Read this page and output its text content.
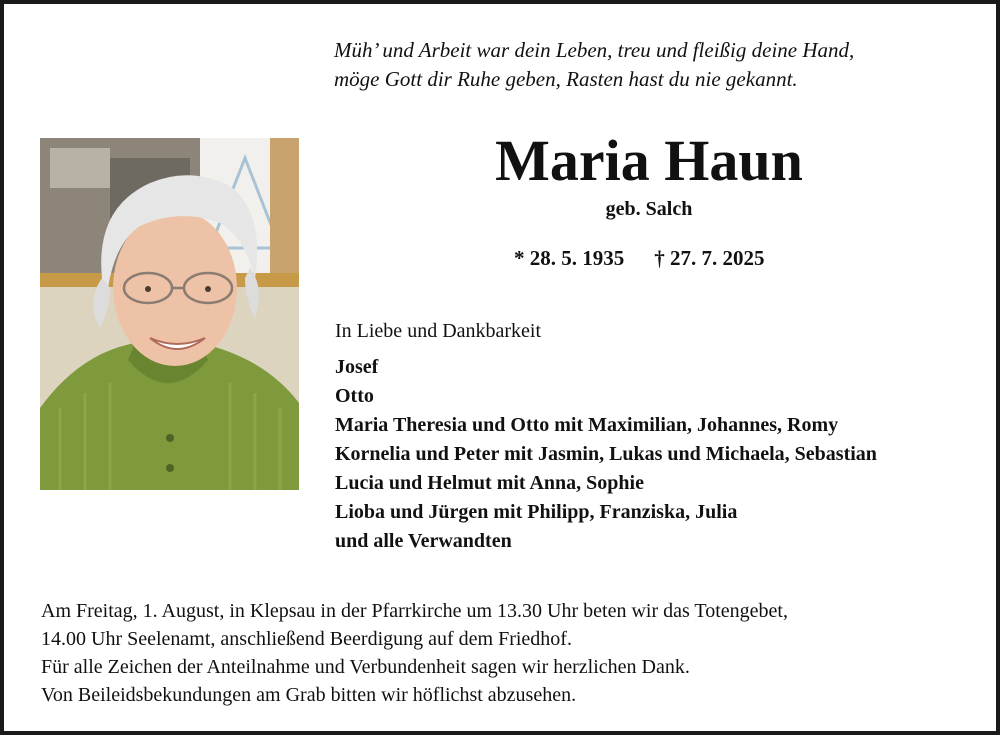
Müh’ und Arbeit war dein Leben, treu und fleißig deine Hand,
möge Gott dir Ruhe geben, Rasten hast du nie gekannt.
Maria Haun
geb. Salch
* 28. 5. 1935 † 27. 7. 2025
In Liebe und Dankbarkeit
Josef
Otto
Maria Theresia und Otto mit Maximilian, Johannes, Romy
Kornelia und Peter mit Jasmin, Lukas und Michaela, Sebastian
Lucia und Helmut mit Anna, Sophie
Lioba und Jürgen mit Philipp, Franziska, Julia
und alle Verwandten
Am Freitag, 1. August, in Klepsau in der Pfarrkirche um 13.30 Uhr beten wir das Totengebet,
14.00 Uhr Seelenamt, anschließend Beerdigung auf dem Friedhof.
Für alle Zeichen der Anteilnahme und Verbundenheit sagen wir herzlichen Dank.
Von Beileidsbekundungen am Grab bitten wir höflichst abzusehen.
